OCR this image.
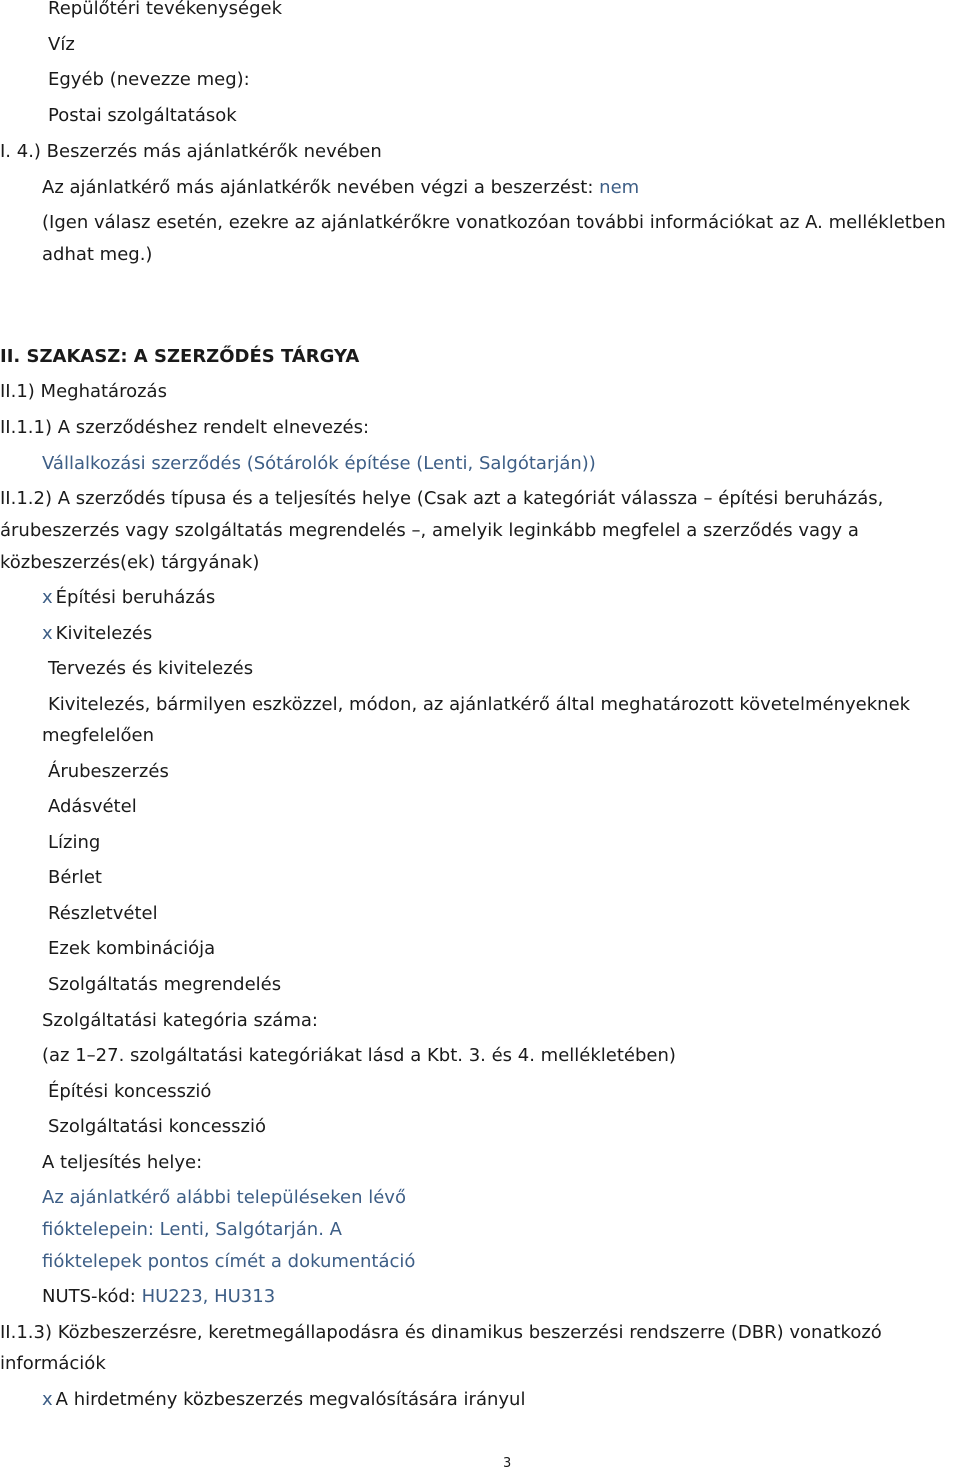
Repülőtéri tevékenységek
Víz
Egyéb (nevezze meg):
Postai szolgáltatások
I. 4.) Beszerzés más ajánlatkérők nevében
Az ajánlatkérő más ajánlatkérők nevében végzi a beszerzést: nem
(Igen válasz esetén, ezekre az ajánlatkérőkre vonatkozóan további információkat az A. mellékletben
adhat meg.)
II. SZAKASZ: A SZERZŐDÉS TÁRGYA
II.1) Meghatározás
II.1.1) A szerződéshez rendelt elnevezés:
Vállalkozási szerződés (Sótárolók építése (Lenti, Salgótarján))
II.1.2) A szerződés típusa és a teljesítés helye (Csak azt a kategóriát válassza – építési beruházás,
árubeszerzés vagy szolgáltatás megrendelés –, amelyik leginkább megfelel a szerződés vagy a
közbeszerzés(ek) tárgyának)
x Építési beruházás
x Kivitelezés
Tervezés és kivitelezés
Kivitelezés, bármilyen eszközzel, módon, az ajánlatkérő által meghatározott követelményeknek
megfelelően
Árubeszerzés
Adásvétel
Lízing
Bérlet
Részletvétel
Ezek kombinációja
Szolgáltatás megrendelés
Szolgáltatási kategória száma:
(az 1–27. szolgáltatási kategóriákat lásd a Kbt. 3. és 4. mellékletében)
Építési koncesszió
Szolgáltatási koncesszió
A teljesítés helye:
Az ajánlatkérő alábbi településeken lévő
fióktelepein: Lenti, Salgótarján. A
fióktelepek pontos címét a dokumentáció
NUTS-kód: HU223, HU313
II.1.3) Közbeszerzésre, keretmegállapodásra és dinamikus beszerzési rendszerre (DBR) vonatkozó
információk
x A hirdetmény közbeszerzés megvalósítására irányul
3
